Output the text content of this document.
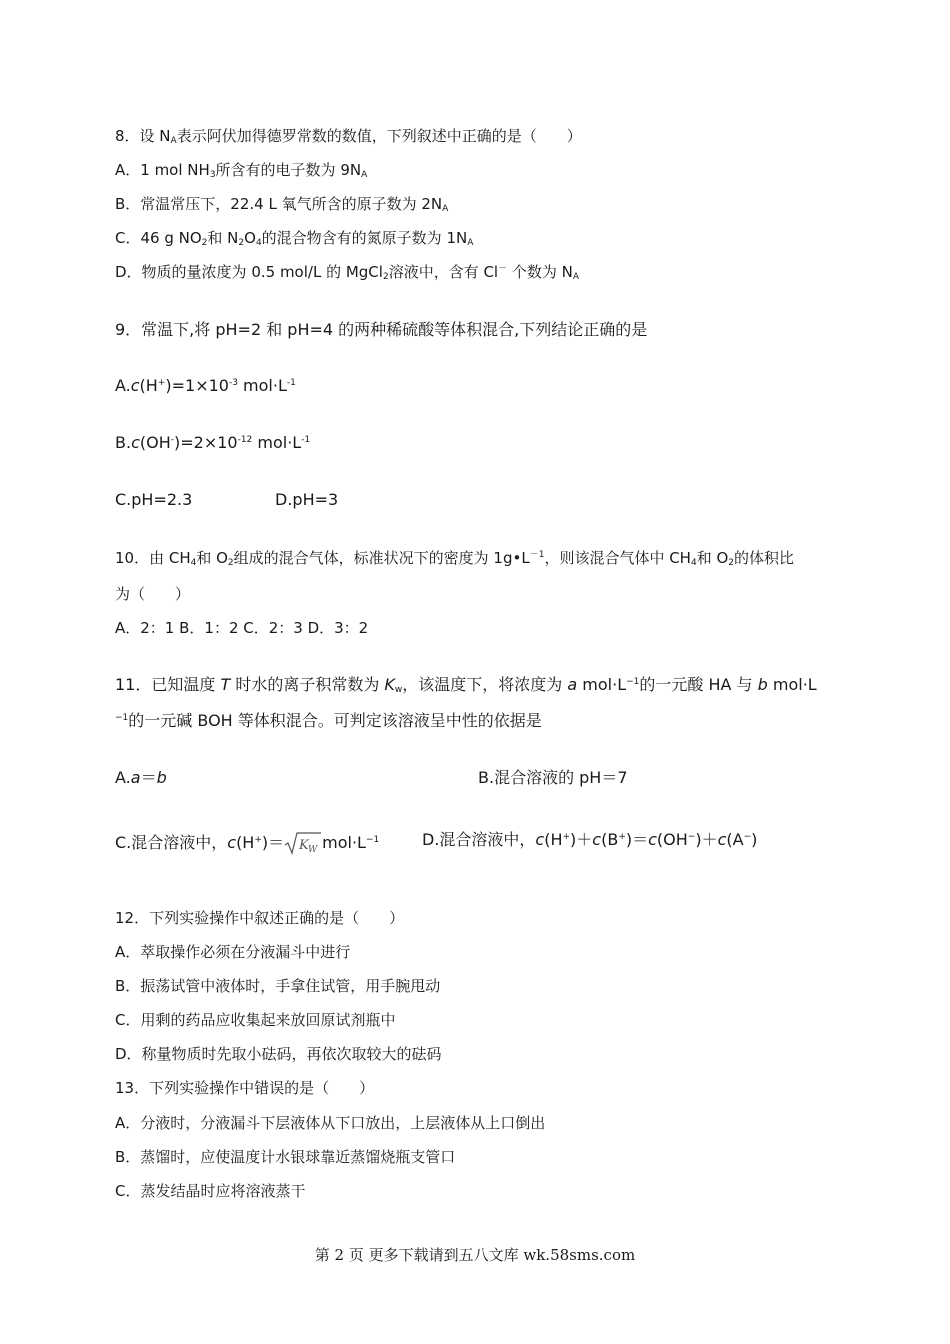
8．设 $N_A$表示阿伏加得德罗常数的数值，下列叙述中正确的是（　　）
A．1 mol $NH_3$所含有的电子数为 $9N_A$
B．常温常压下，22.4 L 氧气所含的原子数为 $2N_A$
C．46 g $NO_2$和 $N_2O_4$的混合物含有的氮原子数为 $1N_A$
D．物质的量浓度为 0.5 mol/L 的 MgCl$_2$溶液中，含有 Cl－ 个数为 $N_A$
9．常温下,将 pH=2 和 pH=4 的两种稀硫酸等体积混合,下列结论正确的是
$A.c(H^+)=1\times 10^{-3}$ $mol\cdot L^{-1}$
$B.c(OH^-)=2\times 10^{-12}$ $mol\cdot L^{-1}$
C.pH=2.3	D.pH=3
10．由 $CH_4$和 $O_2$组成的混合气体，标准状况下的密度为 $1g•L^{-1}$，则该混合气体中 $CH_4$和 $O_2$的体积比
为（　　）
A．2：1 B．1：2 C．2：3 D．3：2
11．已知温度 T 时水的离子积常数为 $K_w$，该温度下，将浓度为 a $mol\cdot L^{-1}$的一元酸 HA 与 b mol·L
$^{-1}$的一元碱 BOH 等体积混合。可判定该溶液呈中性的依据是
A.a＝b	B.混合溶液的 pH＝7
C.混合溶液中，c(H+)＝ K W $mol\cdot L^{-1}$	D.混合溶液中，c(H+)＋c(B+)＝c(OH−)＋c(A−)
12．下列实验操作中叙述正确的是（　　）
A．萃取操作必须在分液漏斗中进行
B．振荡试管中液体时，手拿住试管，用手腕甩动
C．用剩的药品应收集起来放回原试剂瓶中
D．称量物质时先取小砝码，再依次取较大的砝码
13．下列实验操作中错误的是（　　）
A．分液时，分液漏斗下层液体从下口放出，上层液体从上口倒出
B．蒸馏时，应使温度计水银球靠近蒸馏烧瓶支管口
C．蒸发结晶时应将溶液蒸干
第 2 页 更多下载请到五八文库 wk.58sms.com
